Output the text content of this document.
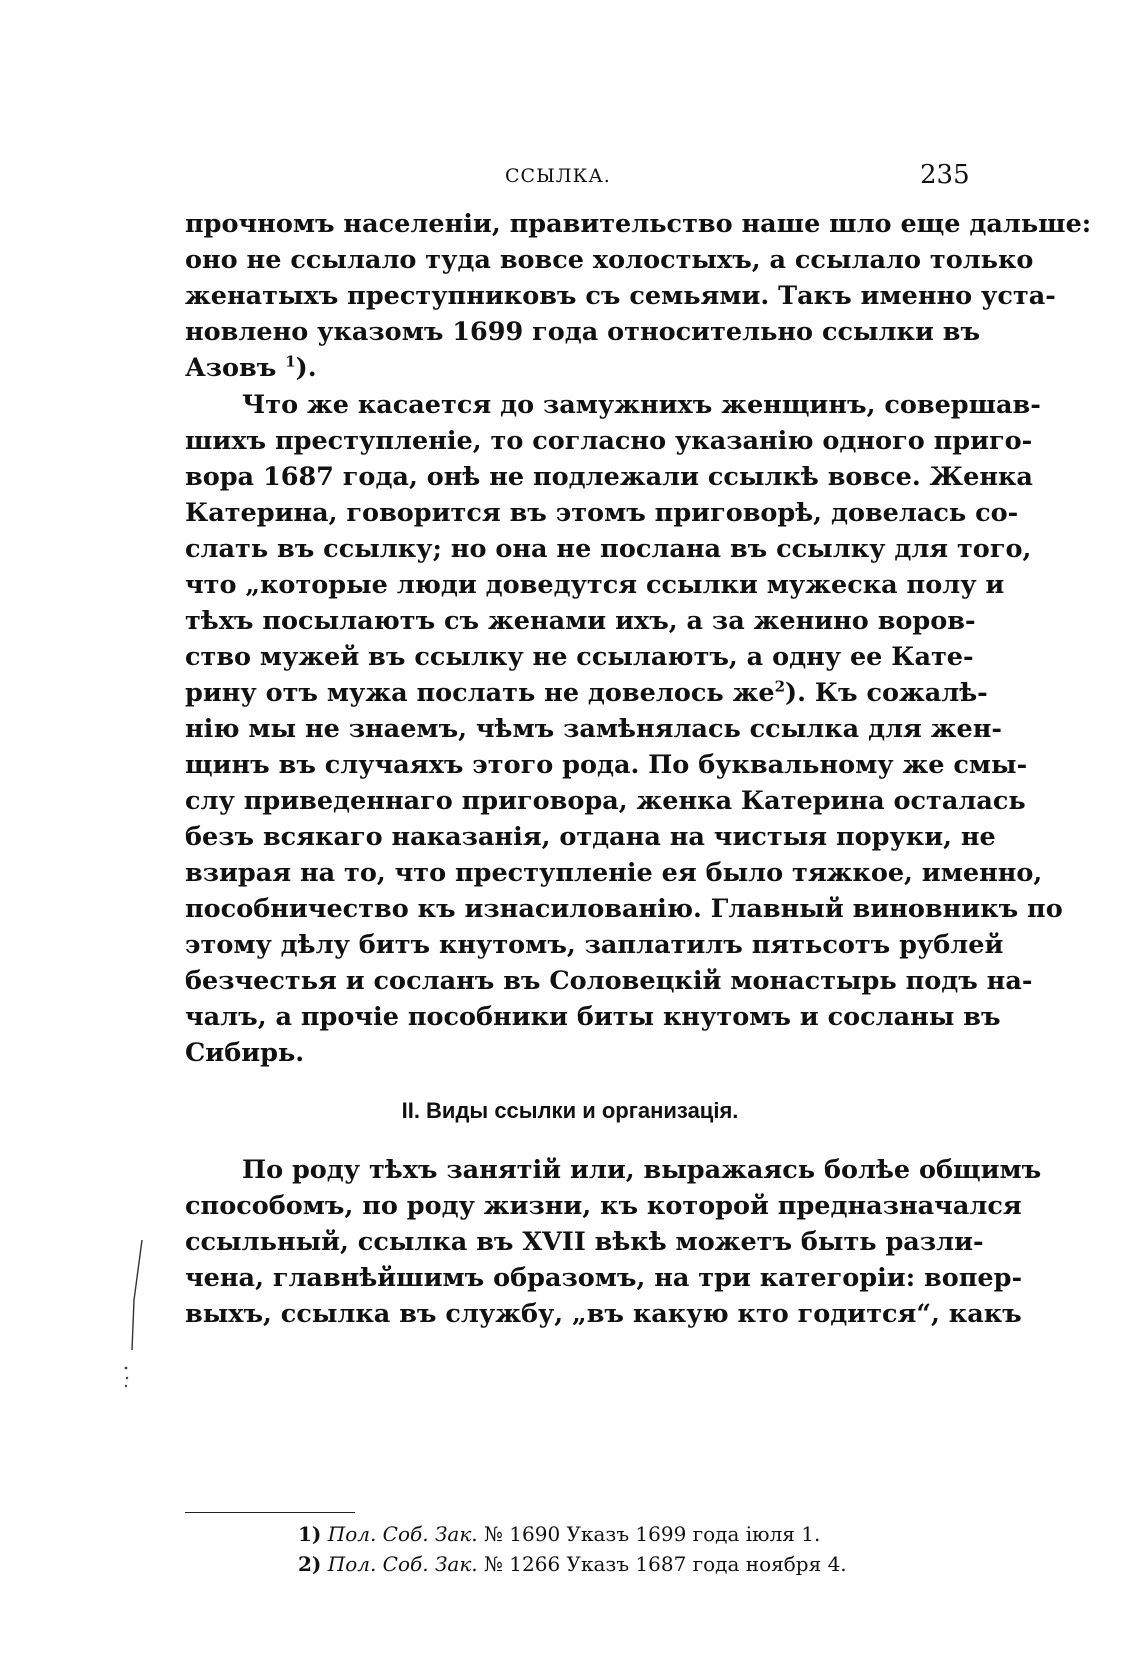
ССЫЛКА.	235
прочномъ населенiи, правительство наше шло еще дальше:
оно не ссылало туда вовсе холостыхъ, а ссылало только
женатыхъ преступниковъ съ семьями. Такъ именно уста-
новлено указомъ 1699 года относительно ссылки въ
Азовъ $^1$).
Что же касается до замужнихъ женщинъ, совершав-
шихъ преступленiе, то согласно указанiю одного приго-
вора 1687 года, онѣ не подлежали ссылкѣ вовсе. Женка
Катерина, говорится въ этомъ приговорѣ, довелась со-
слать въ ссылку; но она не послана въ ссылку для того,
что „которые люди доведутся ссылки мужеска полу и
тѣхъ посылаютъ съ женами ихъ, а за женино воров-
ство мужей въ ссылку не ссылаютъ, а одну ее Кате-
рину отъ мужа послать не довелось $же^2$). Къ сожалѣ-
нiю мы не знаемъ, чѣмъ замѣнялась ссылка для жен-
щинъ въ случаяхъ этого рода. По буквальному же смы-
слу приведеннаго приговора, женка Катерина осталась
безъ всякаго наказанiя, отдана на чистыя поруки, не
взирая на то, что преступленiе ея было тяжкое, именно,
пособничество къ изнасилованiю. Главный виновникъ по
этому дѣлу битъ кнутомъ, заплатилъ пятьсотъ рублей
безчестья и сосланъ въ Соловецкiй монастырь подъ на-
чалъ, а прочiе пособники биты кнутомъ и сосланы въ
Сибирь.
II. Виды ссылки и организацiя.
По роду тѣхъ занятiй или, выражаясь болѣе общимъ
способомъ, по роду жизни, къ которой предназначался
ссыльный, ссылка въ XVII вѣкѣ можетъ быть разли-
чена, главнѣйшимъ образомъ, на три категорiи: вопер-
выхъ, ссылка въ службу, „въ какую кто годится“, какъ
1) Пол. Соб. Зак. № 1690 Указъ 1699 года iюля 1.
2) Пол. Соб. Зак. № 1266 Указъ 1687 года ноября 4.
